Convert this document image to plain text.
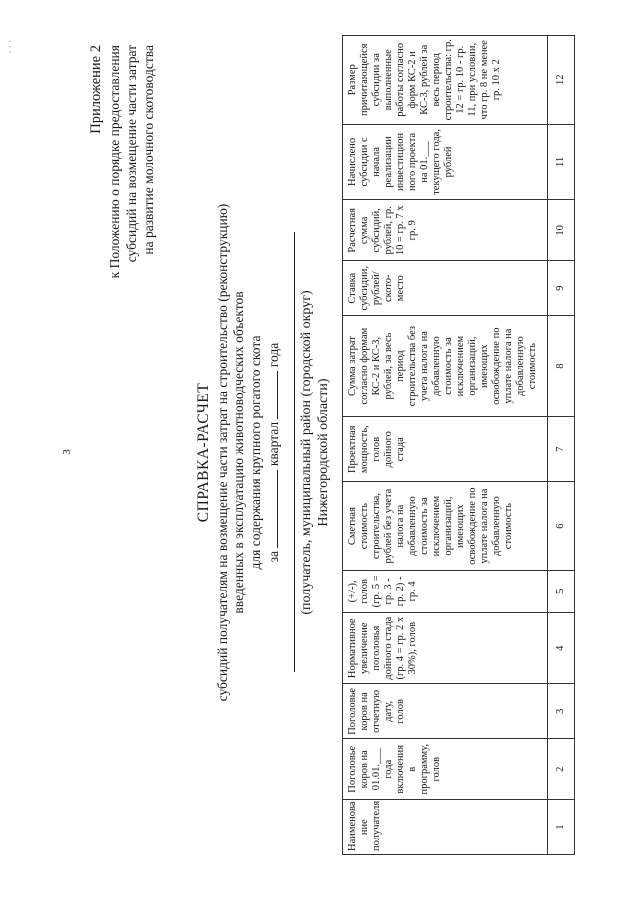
3
Приложение 2 к Положению о порядке предоставления субсидий на возмещение части затрат на развитие молочного скотоводства
СПРАВКА-РАСЧЕТ субсидий получателям на возмещение части затрат на строительство (реконструкцию) введенных в эксплуатацию животноводческих объектов для содержания крупного рогатого скота за  квартал  года	(получатель, муниципальный район (городской округ) Нижегородской области)
Наименова ние получателя	Поголовье коров на 01.01.___ года включения в программу, голов	Поголовье коров на отчетную дату, голов	Нормативное увеличение поголовья дойного стада (гр. 4 = гр. 2 х 30%), голов	(+/-), голов (гр. 5 = гр. 3 - гр. 2) - гр. 4	Сметная стоимость строительства, рублей без учета налога на добавленную стоимость за исключением организаций, имеющих освобождение по уплате налога на добавленную стоимость	Проектная мощность, голов дойного стада	Сумма затрат согласно формам КС-2 и КС-3, рублей, за весь период строительства без учета налога на добавленную стоимость за исключением организаций, имеющих освобождение по уплате налога на добавленную стоимость	Ставка субсидии, рублей/ ското-место	Расчетная сумма субсидий, рублей, гр. 10 = гр. 7 х гр. 9	Начислено субсидии с начала реализации инвестицион ного проекта на 01.___ текущего года, рублей	Размер причитающейся субсидии за выполненные работы согласно форм КС-2 и КС-3, рублей за весь период строительства: гр. 12 = гр. 10 - гр. 11, при условии, что гр. 8 не менее гр. 10 х 2
1	2	3	4	5	6	7	8	9	10	11	12
᾿ ᾿ ᾿
